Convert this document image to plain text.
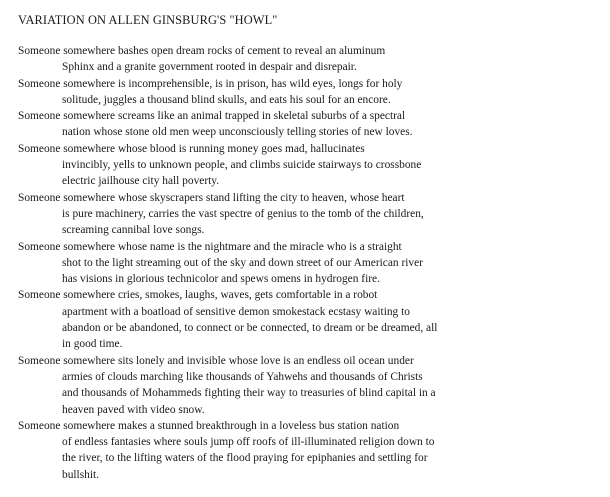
VARIATION ON ALLEN GINSBURG'S "HOWL"
Someone somewhere bashes open dream rocks of cement to reveal an aluminum
Sphinx and a granite government rooted in despair and disrepair.
Someone somewhere is incomprehensible, is in prison, has wild eyes, longs for holy
solitude, juggles a thousand blind skulls, and eats his soul for an encore.
Someone somewhere screams like an animal trapped in skeletal suburbs of a spectral
nation whose stone old men weep unconsciously telling stories of new loves.
Someone somewhere whose blood is running money goes mad, hallucinates
invincibly, yells to unknown people, and climbs suicide stairways to crossbone
electric jailhouse city hall poverty.
Someone somewhere whose skyscrapers stand lifting the city to heaven, whose heart
is pure machinery, carries the vast spectre of genius to the tomb of the children,
screaming cannibal love songs.
Someone somewhere whose name is the nightmare and the miracle who is a straight
shot to the light streaming out of the sky and down street of our American river
has visions in glorious technicolor and spews omens in hydrogen fire.
Someone somewhere cries, smokes, laughs, waves, gets comfortable in a robot
apartment with a boatload of sensitive demon smokestack ecstasy waiting to
abandon or be abandoned, to connect or be connected, to dream or be dreamed, all
in good time.
Someone somewhere sits lonely and invisible whose love is an endless oil ocean under
armies of clouds marching like thousands of Yahwehs and thousands of Christs
and thousands of Mohammeds fighting their way to treasuries of blind capital in a
heaven paved with video snow.
Someone somewhere makes a stunned breakthrough in a loveless bus station nation
of endless fantasies where souls jump off roofs of ill-illuminated religion down to
the river, to the lifting waters of the flood praying for epiphanies and settling for
bullshit.
